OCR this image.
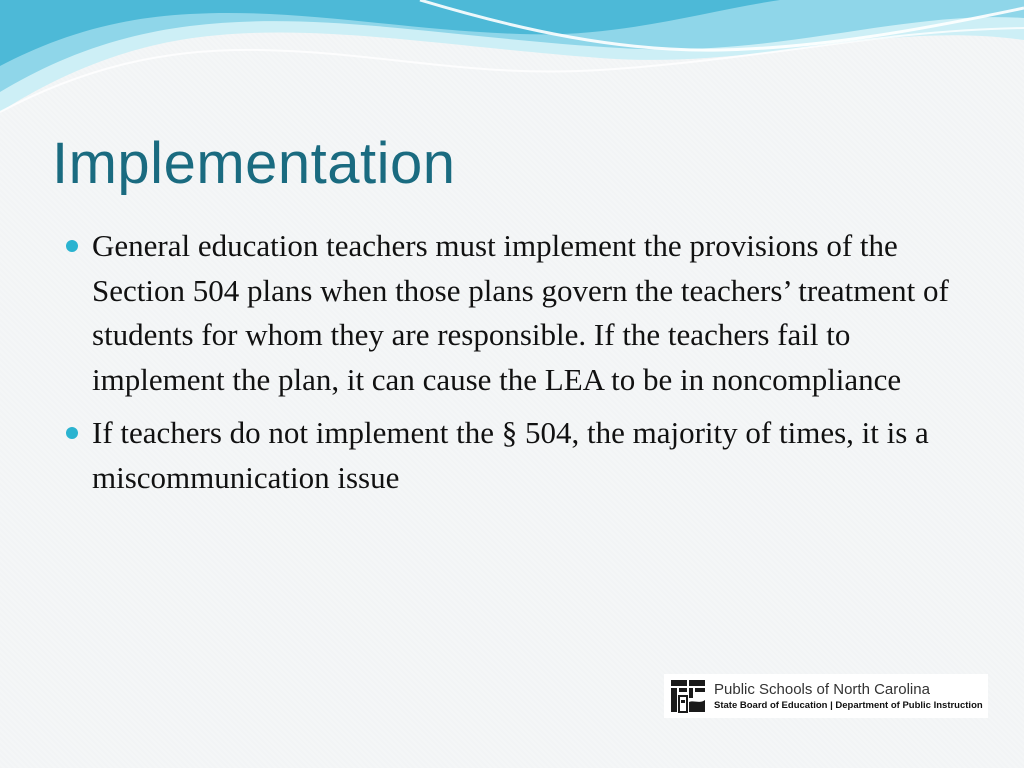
Implementation
General education teachers must implement the provisions of the Section 504 plans when those plans govern the teachers’ treatment of students for whom they are responsible. If the teachers fail to implement the plan, it can cause the LEA to be in noncompliance
If teachers do not implement the § 504, the majority of times, it is a miscommunication issue
Public Schools of North Carolina
State Board of Education | Department of Public Instruction
